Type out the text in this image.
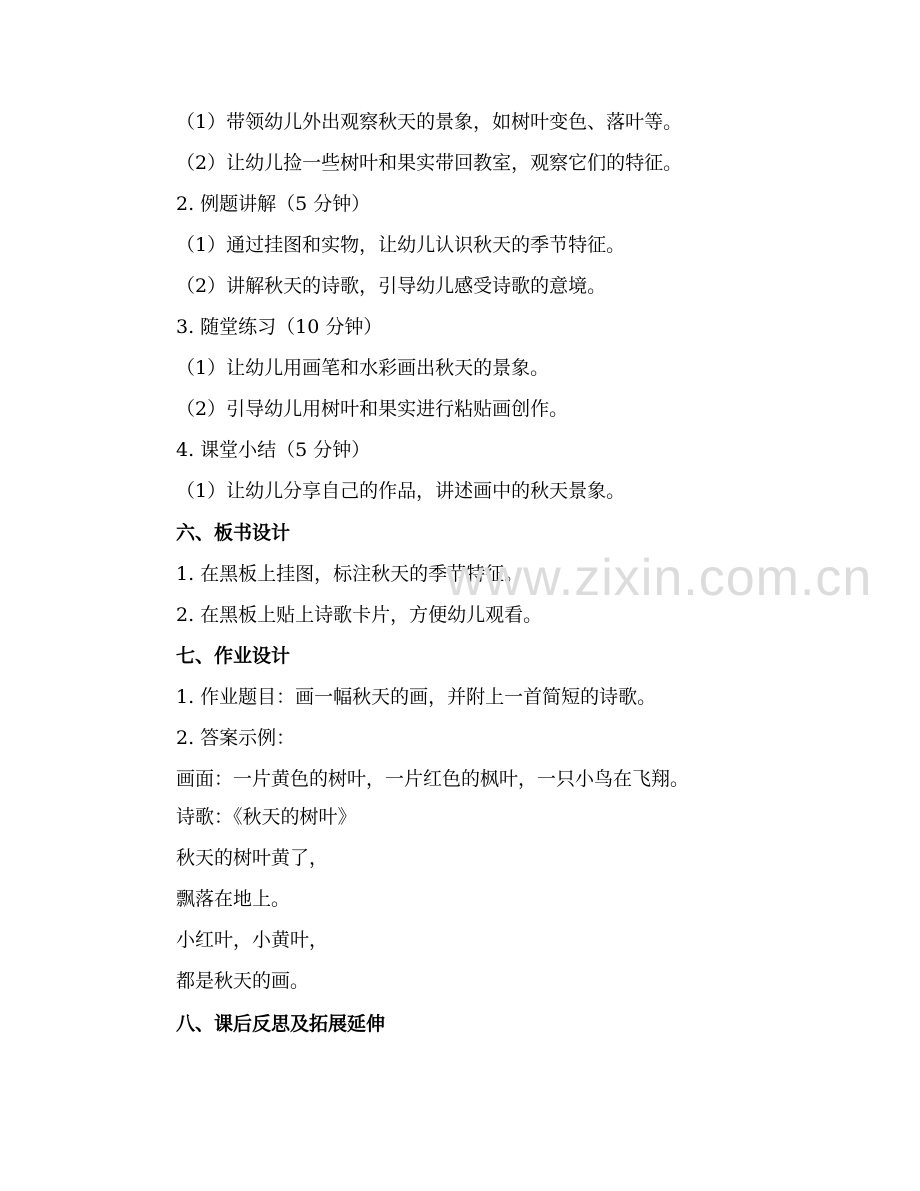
（1）带领幼儿外出观察秋天的景象，如树叶变色、落叶等。

（2）让幼儿捡一些树叶和果实带回教室，观察它们的特征。

2. 例题讲解（5 分钟）

（1）通过挂图和实物，让幼儿认识秋天的季节特征。

（2）讲解秋天的诗歌，引导幼儿感受诗歌的意境。

3. 随堂练习（10 分钟）

（1）让幼儿用画笔和水彩画出秋天的景象。

（2）引导幼儿用树叶和果实进行粘贴画创作。

4. 课堂小结（5 分钟）

（1）让幼儿分享自己的作品，讲述画中的秋天景象。

六、板书设计

1. 在黑板上挂图，标注秋天的季节特征。

2. 在黑板上贴上诗歌卡片，方便幼儿观看。

七、作业设计

1. 作业题目：画一幅秋天的画，并附上一首简短的诗歌。

2. 答案示例：

画面：一片黄色的树叶，一片红色的枫叶，一只小鸟在飞翔。

诗歌：《秋天的树叶》

秋天的树叶黄了，

飘落在地上。

小红叶，小黄叶，

都是秋天的画。

八、课后反思及拓展延伸

www.zixin.com.cn
